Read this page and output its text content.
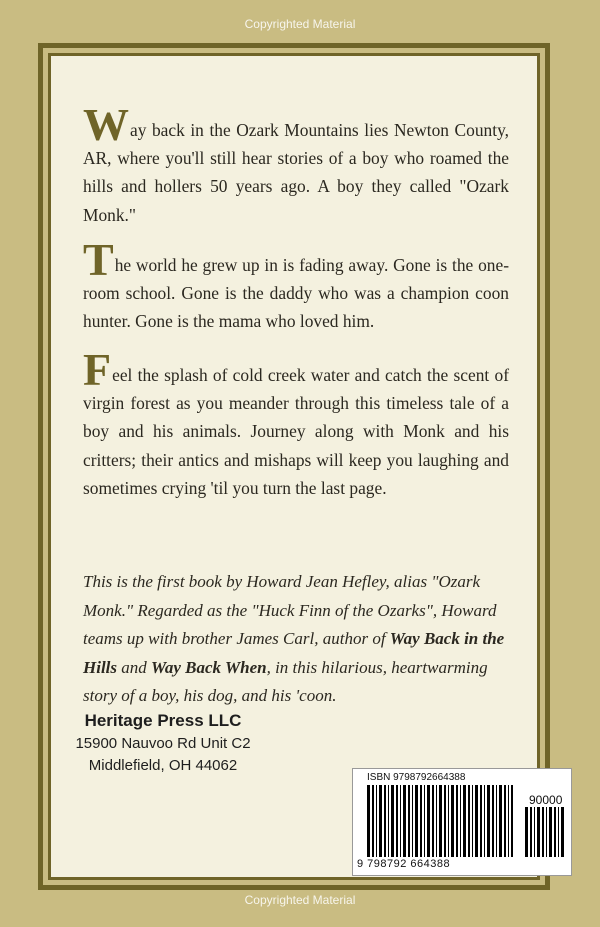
Copyrighted Material
Way back in the Ozark Mountains lies Newton County, AR, where you'll still hear stories of a boy who roamed the hills and hollers 50 years ago. A boy they called "Ozark Monk."
The world he grew up in is fading away. Gone is the one-room school. Gone is the daddy who was a champion coon hunter. Gone is the mama who loved him.
Feel the splash of cold creek water and catch the scent of virgin forest as you meander through this timeless tale of a boy and his animals. Journey along with Monk and his critters; their antics and mishaps will keep you laughing and sometimes crying 'til you turn the last page.
This is the first book by Howard Jean Hefley, alias "Ozark Monk." Regarded as the "Huck Finn of the Ozarks", Howard teams up with brother James Carl, author of Way Back in the Hills and Way Back When, in this hilarious, heartwarming story of a boy, his dog, and his 'coon.
Heritage Press LLC
15900 Nauvoo Rd Unit C2
Middlefield, OH 44062
ISBN 9798792664388
90000
9 798792 664388
Copyrighted Material
